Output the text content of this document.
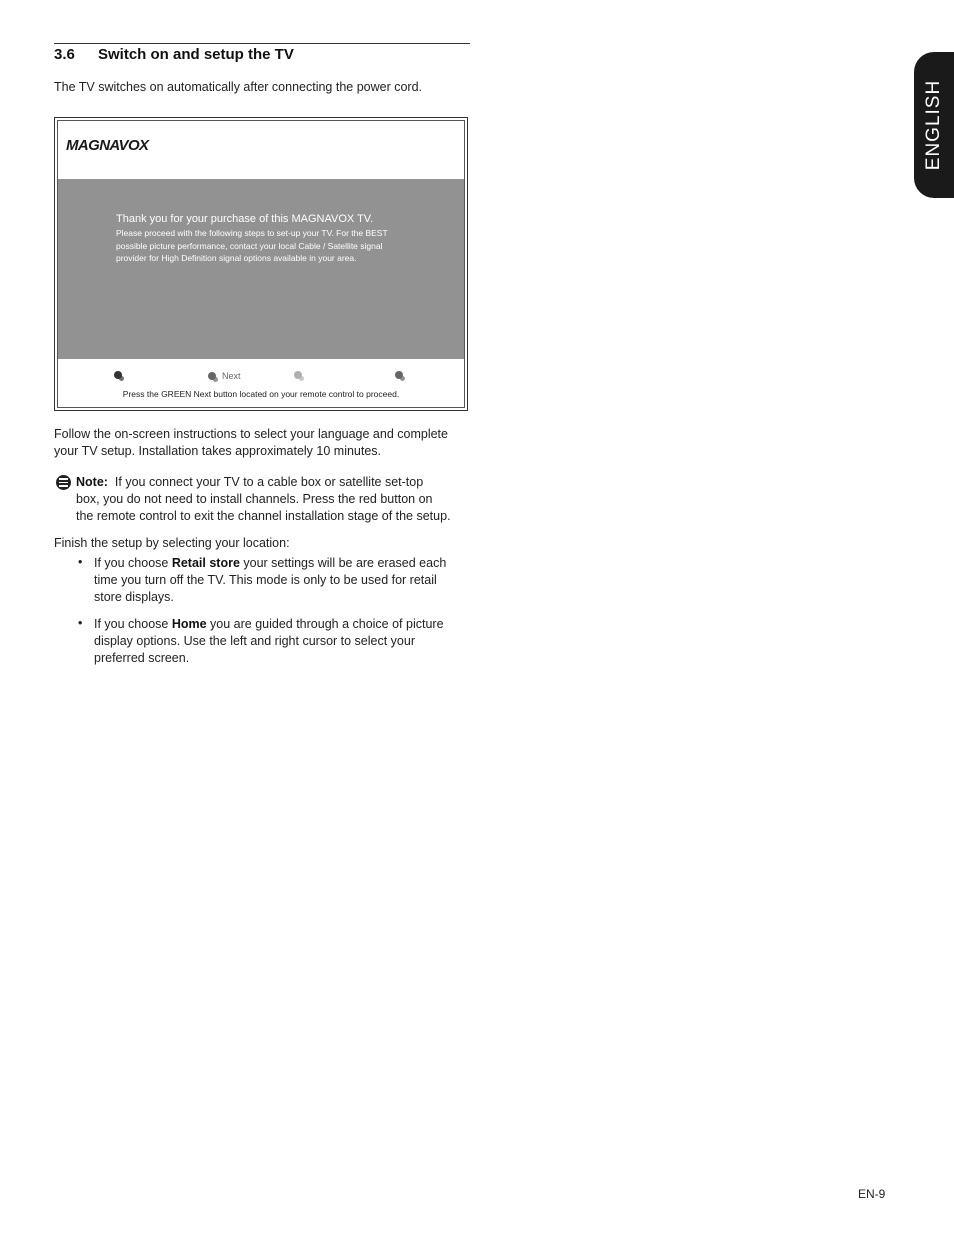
3.6 Switch on and setup the TV
The TV switches on automatically after connecting the power cord.
MAGNAVOX
Thank you for your purchase of this MAGNAVOX TV.
Please proceed with the following steps to set-up your TV. For the BEST
possible picture performance, contact your local Cable / Satellite signal
provider for High Definition signal options available in your area.
Next
Press the GREEN Next button located on your remote control to proceed.
Follow the on-screen instructions to select your language and complete
your TV setup. Installation takes approximately 10 minutes.
Note: If you connect your TV to a cable box or satellite set-top
box, you do not need to install channels. Press the red button on
the remote control to exit the channel installation stage of the setup.
Finish the setup by selecting your location:
• If you choose Retail store your settings will be are erased each
time you turn off the TV. This mode is only to be used for retail
store displays.
• If you choose Home you are guided through a choice of picture
display options. Use the left and right cursor to select your
preferred screen.
ENGLISH
EN-9
